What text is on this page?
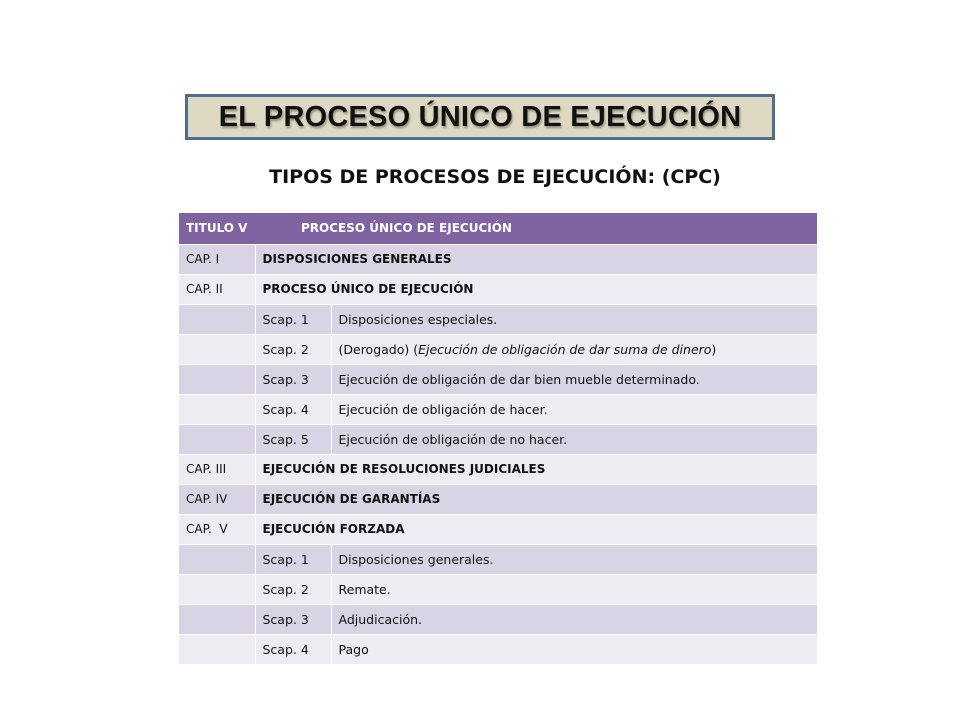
EL PROCESO ÚNICO DE EJECUCIÓN
TIPOS DE PROCESOS DE EJECUCIÓN: (CPC)
TITULO V	PROCESO ÚNICO DE EJECUCIÓN	
CAP. I	DISPOSICIONES GENERALES	
CAP. II	PROCESO ÚNICO DE EJECUCIÓN	
	Scap. 1	Disposiciones especiales.
	Scap. 2	(Derogado) (Ejecución de obligación de dar suma de dinero)
	Scap. 3	Ejecución de obligación de dar bien mueble determinado.
	Scap. 4	Ejecución de obligación de hacer.
	Scap. 5	Ejecución de obligación de no hacer.
CAP. III	EJECUCIÓN DE RESOLUCIONES JUDICIALES	
CAP. IV	EJECUCIÓN DE GARANTÍAS	
CAP.  V	EJECUCIÓN FORZADA	
	Scap. 1	Disposiciones generales.
	Scap. 2	Remate.
	Scap. 3	Adjudicación.
	Scap. 4	Pago
